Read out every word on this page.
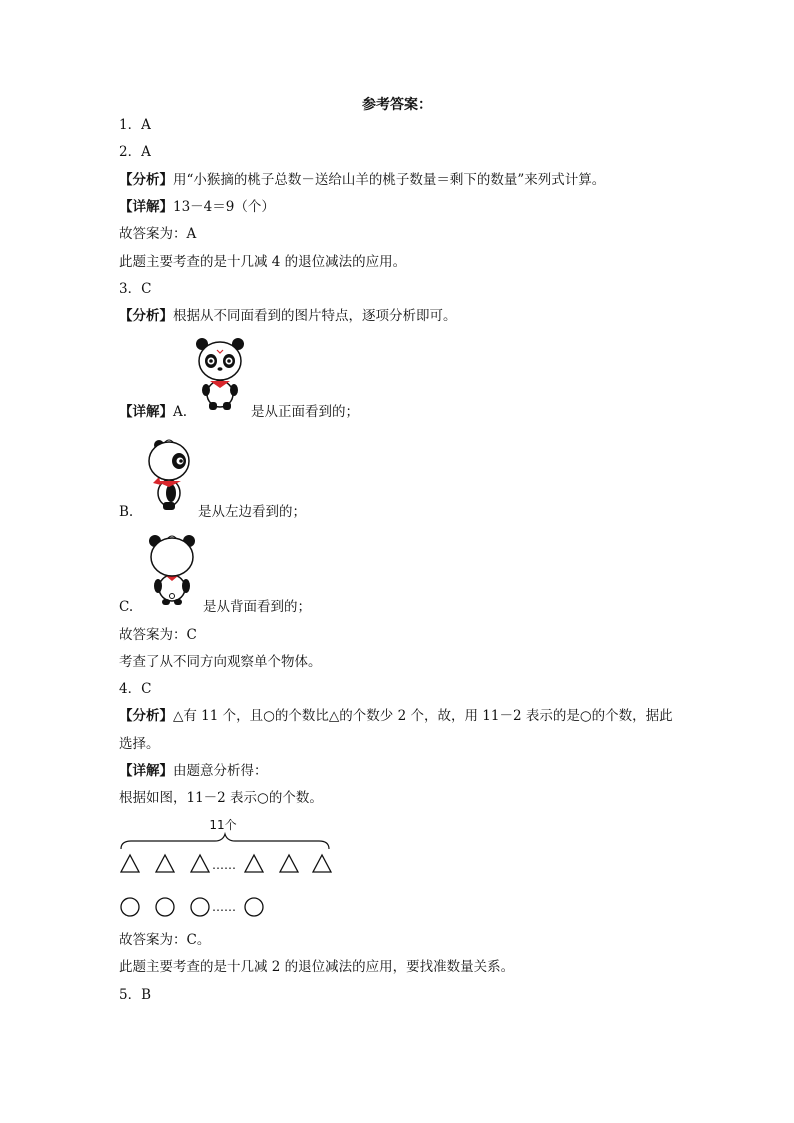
参考答案：
1．A
2．A
【分析】用“小猴摘的桃子总数－送给山羊的桃子数量＝剩下的数量”来列式计算。
【详解】13－4＝9（个）
故答案为：A
此题主要考查的是十几减 4 的退位减法的应用。
3．C
【分析】根据从不同面看到的图片特点，逐项分析即可。
【详解】A.	是从正面看到的；
B.	是从左边看到的；
C.	是从背面看到的；
故答案为：C
考查了从不同方向观察单个物体。
4．C
【分析】△有 11 个，且○的个数比△的个数少 2 个，故，用 11－2 表示的是○的个数，据此
选择。
【详解】由题意分析得：
根据如图，11－2 表示○的个数。
11个
……
……
故答案为：C。
此题主要考查的是十几减 2 的退位减法的应用，要找准数量关系。
5．B
